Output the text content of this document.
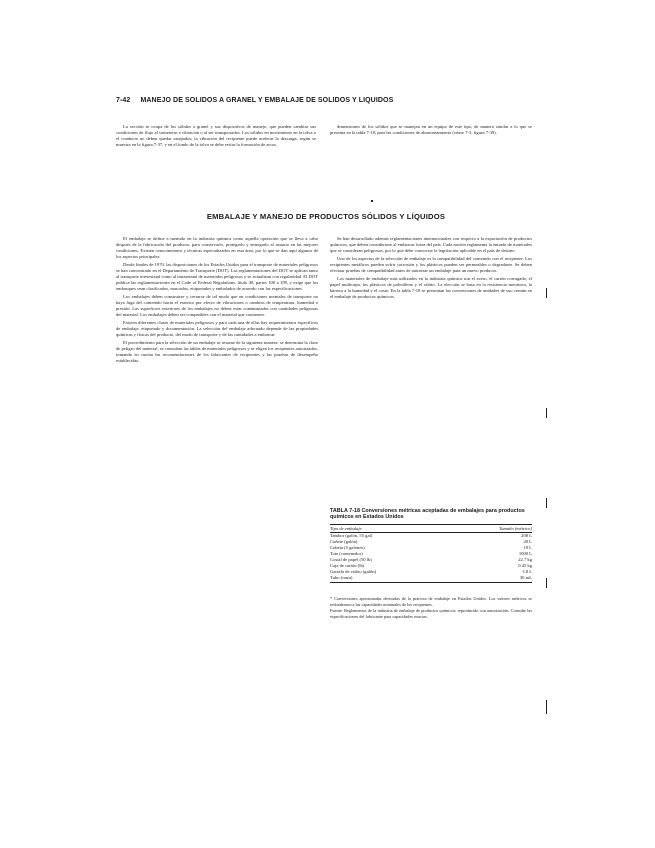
7-42 MANEJO DE SÓLIDOS A GRANEL Y EMBALAJE DE SÓLIDOS Y LÍQUIDOS

La sección se ocupa de los sólidos a granel y sus dispositivos de manejo, que pueden cambiar sus condiciones de flujo al someterse a vibración o al ser transportados. Los sólidos en movimiento en la tolva o el conducto no deben quedar atrapados; la vibración del recipiente puede acelerar la descarga, según se muestra en la figura 7-37, y en el fondo de la tolva se debe evitar la formación de arcos.

dimensiones de los sólidos que se manejan en un equipo de este tipo, de manera similar a lo que se presenta en la tabla 7-18, para las condiciones de almacenamiento (véase 7-3, figura 7-39).

EMBALAJE Y MANEJO DE PRODUCTOS SÓLIDOS Y LÍQUIDOS

El embalaje se define a menudo en la industria química como aquella operación que se lleva a cabo después de la fabricación del producto, para conservarlo, protegerlo y entregarlo al usuario en las mejores condiciones. Existen conocimientos y técnicas especializados en esta área, por lo que se dan aquí algunos de los aspectos principales.

Desde finales de 1970, las disposiciones de los Estados Unidos para el transporte de materiales peligrosos se han concentrado en el Departamento de Transporte (DOT). Las reglamentaciones del DOT se aplican tanto al transporte interestatal como al intraestatal de materiales peligrosos y se actualizan con regularidad. El DOT publica las reglamentaciones en el Code of Federal Regulations, título 49, partes 100 a 199, y exige que los embarques sean clasificados, marcados, etiquetados y embalados de acuerdo con las especificaciones.

Los embalajes deben construirse y cerrarse de tal modo que en condiciones normales de transporte no haya fuga del contenido hacia el exterior por efecto de vibraciones o cambios de temperatura, humedad o presión. Las superficies exteriores de los embalajes no deben estar contaminadas con cantidades peligrosas del material. Los embalajes deben ser compatibles con el material que contienen.

Existen diferentes clases de materiales peligrosos y para cada una de ellas hay requerimientos específicos de embalaje, etiquetado y documentación. La selección del embalaje adecuado depende de las propiedades químicas y físicas del producto, del modo de transporte y de las cantidades a embarcar.

El procedimiento para la selección de un embalaje se resume de la siguiente manera: se determina la clase de peligro del material, se consultan las tablas de materiales peligrosos y se eligen los recipientes autorizados, tomando en cuenta las recomendaciones de los fabricantes de recipientes y las pruebas de desempeño establecidas.

Se han desarrollado además reglamentaciones internacionales con respecto a la exportación de productos químicos, que deben considerarse al embarcar fuera del país. Cada nación reglamenta la entrada de materiales que se consideran peligrosos, por lo que debe conocerse la legislación aplicable en el país de destino.

Uno de los aspectos de la selección de embalaje es la compatibilidad del contenido con el recipiente. Los recipientes metálicos pueden sufrir corrosión y los plásticos pueden ser permeables o degradarse. Se deben efectuar pruebas de compatibilidad antes de autorizar un embalaje para un nuevo producto.

Los materiales de embalaje más utilizados en la industria química son el acero, el cartón corrugado, el papel multicapa, los plásticos de polietileno y el vidrio. La elección se basa en la resistencia mecánica, la barrera a la humedad y el costo. En la tabla 7-18 se presentan las conversiones de unidades de uso común en el embalaje de productos químicos.

TABLA 7-18 Conversiones métricas aceptadas de embalajes para productos químicos en Estados Unidos
Tipo de embalaje	Tamaño (métrico)
Tambor (galón, 55 gal)	208 L
Cuñete (galón)	20 L
Cubeta (5 galones)	19 L
Tote (contenedor)	1000 L
Costal de papel (50 lb)	22.7 kg
Caja de cartón (lb)	0.45 kg
Garrafa de vidrio (galón)	3.8 L
Tubo (onza)	30 mL

* Conversiones aproximadas derivadas de la práctica de embalaje en Estados Unidos. Los valores métricos se redondearon a las capacidades nominales de los recipientes.

Fuente: Reglamentos de la industria de embalaje de productos químicos; reproducido con autorización. Consulte las especificaciones del fabricante para capacidades exactas.
